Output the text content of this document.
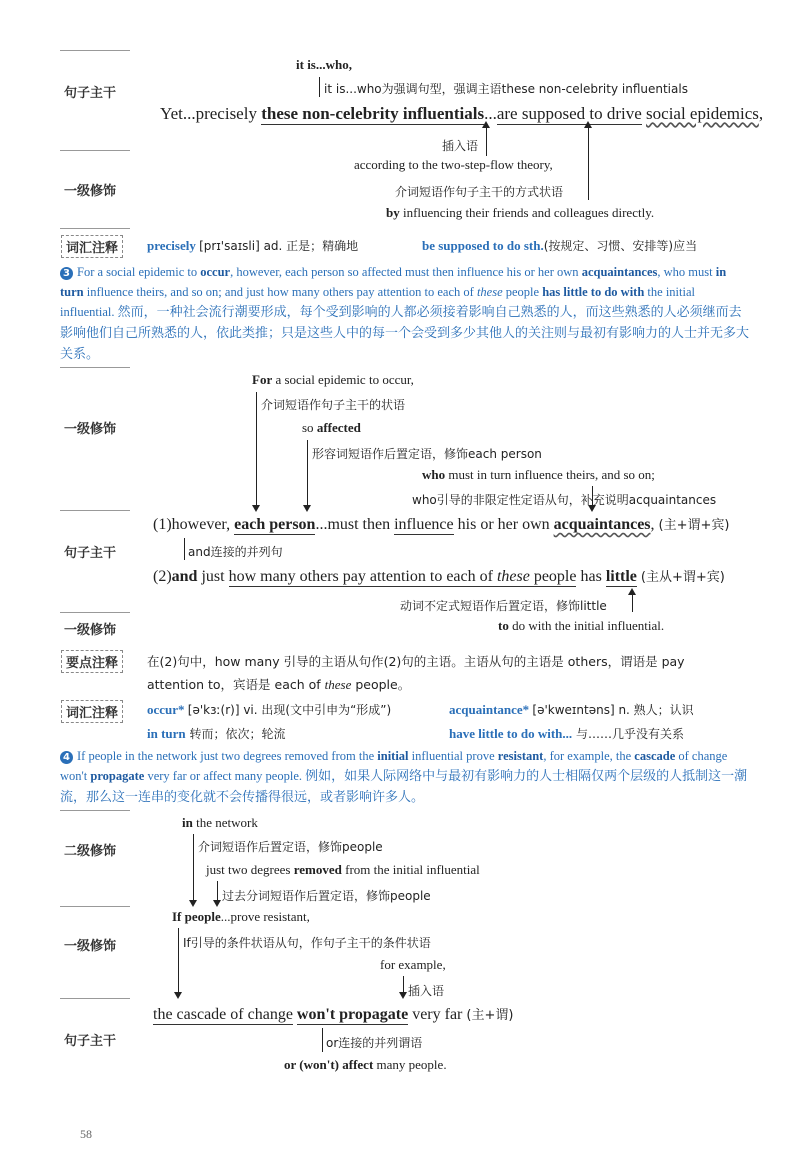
句子主干
it is...who,
it is...who为强调句型，强调主语these non-celebrity influentials
Yet...precisely these non-celebrity influentials...are supposed to drive social epidemics,
插入语
一级修饰
according to the two-step-flow theory,
介词短语作句子主干的方式状语
by influencing their friends and colleagues directly.
词汇注释	precisely [prɪ'saɪsli] ad. 正是；精确地	be supposed to do sth.(按规定、习惯、安排等)应当
3 For a social epidemic to occur, however, each person so affected must then influence his or her own acquaintances, who must in turn influence theirs, and so on; and just how many others pay attention to each of these people has little to do with the initial influential. 然而，一种社会流行潮要形成，每个受到影响的人都必须接着影响自己熟悉的人，而这些熟悉的人必须继而去影响他们自己所熟悉的人，依此类推；只是这些人中的每一个会受到多少其他人的关注则与最初有影响力的人士并无多大关系。
一级修饰
For a social epidemic to occur,
介词短语作句子主干的状语
so affected
形容词短语作后置定语，修饰each person
who must in turn influence theirs, and so on;
who引导的非限定性定语从句，补充说明acquaintances
句子主干
(1)however, each person...must then influence his or her own acquaintances, (主+谓+宾)
and连接的并列句
(2)and just how many others pay attention to each of these people has little (主从+谓+宾)
动词不定式短语作后置定语，修饰little
一级修饰	to do with the initial influential.
要点注释	在(2)句中，how many 引导的主语从句作(2)句的主语。主语从句的主语是 others，谓语是 pay
attention to，宾语是 each of these people。
词汇注释	occur* [ə'kɜː(r)] vi. 出现(文中引申为“形成”)	acquaintance* [ə'kweɪntəns] n. 熟人；认识
in turn 转而；依次；轮流	have little to do with... 与……几乎没有关系
4 If people in the network just two degrees removed from the initial influential prove resistant, for example, the cascade of change won't propagate very far or affect many people. 例如，如果人际网络中与最初有影响力的人士相隔仅两个层级的人抵制这一潮流，那么这一连串的变化就不会传播得很远，或者影响许多人。
二级修饰
in the network
介词短语作后置定语，修饰people
just two degrees removed from the initial influential
过去分词短语作后置定语，修饰people
一级修饰
If people...prove resistant,
If引导的条件状语从句，作句子主干的条件状语
for example,
插入语
句子主干
the cascade of change won't propagate very far (主+谓)
or连接的并列谓语
or (won't) affect many people.
58
